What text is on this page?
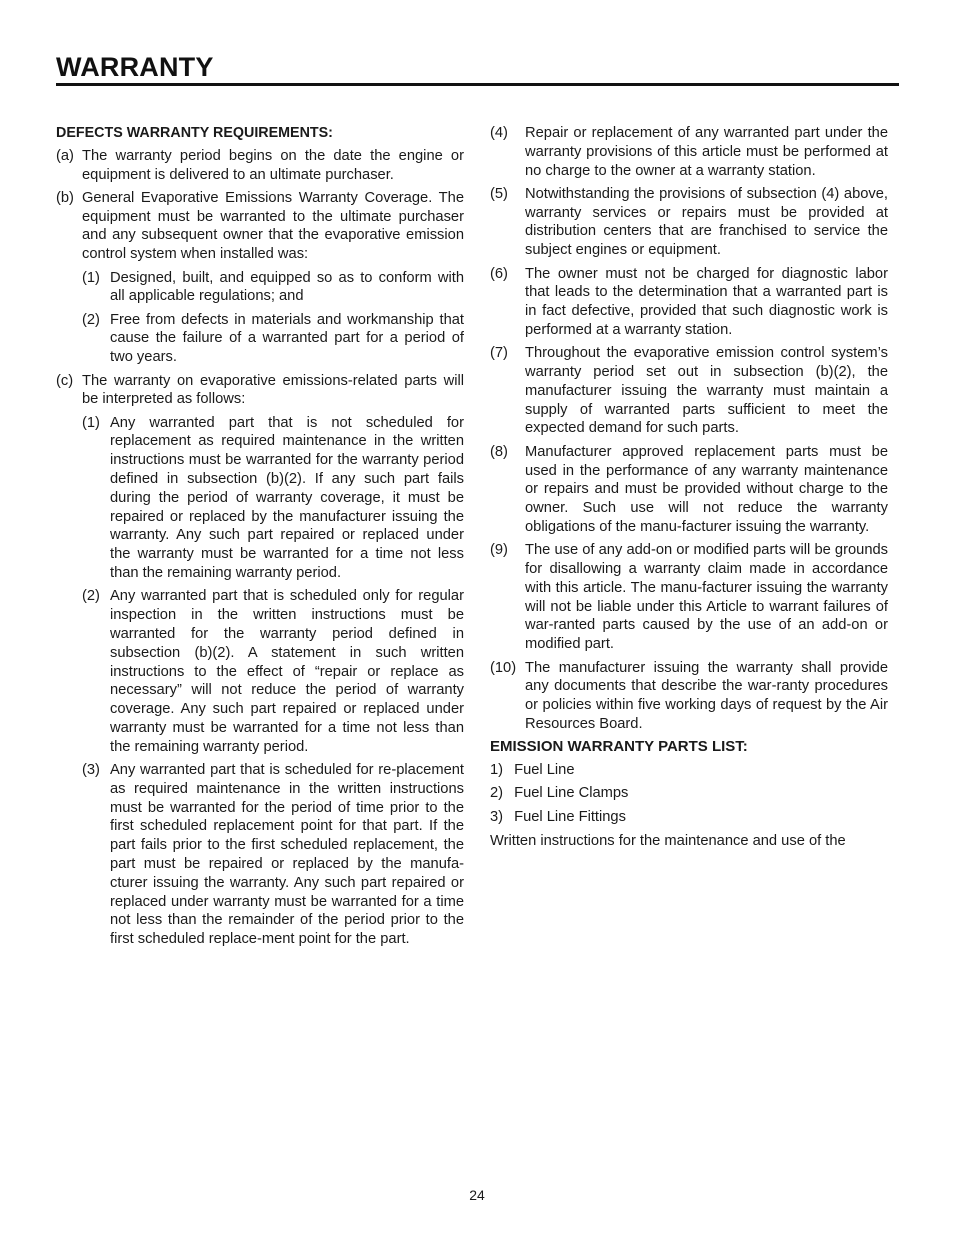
WARRANTY
DEFECTS WARRANTY REQUIREMENTS:
(a) The warranty period begins on the date the engine or equipment is delivered to an ultimate purchaser.

(b) General Evaporative Emissions Warranty Coverage. The equipment must be warranted to the ultimate purchaser and any subsequent owner that the evaporative emission control system when installed was:

(1) Designed, built, and equipped so as to conform with all applicable regulations; and

(2) Free from defects in materials and workmanship that cause the failure of a warranted part for a period of two years.

(c) The warranty on evaporative emissions-related parts will be interpreted as follows:

(1) Any warranted part that is not scheduled for replacement as required maintenance in the written instructions must be warranted for the warranty period defined in subsection (b)(2). If any such part fails during the period of warranty coverage, it must be repaired or replaced by the manufacturer issuing the warranty. Any such part repaired or replaced under the warranty must be warranted for a time not less than the remaining warranty period.

(2) Any warranted part that is scheduled only for regular inspection in the written instructions must be warranted for the warranty period defined in subsection (b)(2). A statement in such written instructions to the effect of “repair or replace as necessary” will not reduce the period of warranty coverage. Any such part repaired or replaced under warranty must be warranted for a time not less than the remaining warranty period.

(3) Any warranted part that is scheduled for re-placement as required maintenance in the written instructions must be warranted for the period of time prior to the first scheduled replacement point for that part. If the part fails prior to the first scheduled replacement, the part must be repaired or replaced by the manufa-cturer issuing the warranty. Any such part repaired or replaced under warranty must be warranted for a time not less than the remainder of the period prior to the first scheduled replace-ment point for the part.

(4)	Repair or replacement of any warranted part under the warranty provisions of this article must be performed at no charge to the owner at a warranty station.

(5)	Notwithstanding the provisions of subsection (4) above, warranty services or repairs must be provided at distribution centers that are franchised to service the subject engines or equipment.

(6)	The owner must not be charged for diagnostic labor that leads to the determination that a warranted part is in fact defective, provided that such diagnostic work is performed at a warranty station.

(7)	Throughout the evaporative emission control system’s warranty period set out in subsection (b)(2), the manufacturer issuing the warranty must maintain a supply of warranted parts sufficient to meet the expected demand for such parts.

(8)	Manufacturer approved replacement parts must be used in the performance of any warranty maintenance or repairs and must be provided without charge to the owner. Such use will not reduce the warranty obligations of the manu-facturer issuing the warranty.

(9)	The use of any add-on or modified parts will be grounds for disallowing a warranty claim made in accordance with this article. The manu-facturer issuing the warranty will not be liable under this Article to warrant failures of war-ranted parts caused by the use of an add-on or modified part.

(10) The manufacturer issuing the warranty shall provide any documents that describe the war-ranty procedures or policies within five working days of request by the Air Resources Board.

EMISSION WARRANTY PARTS LIST:
1) Fuel Line
2) Fuel Line Clamps
3) Fuel Line Fittings

Written instructions for the maintenance and use of the

24
